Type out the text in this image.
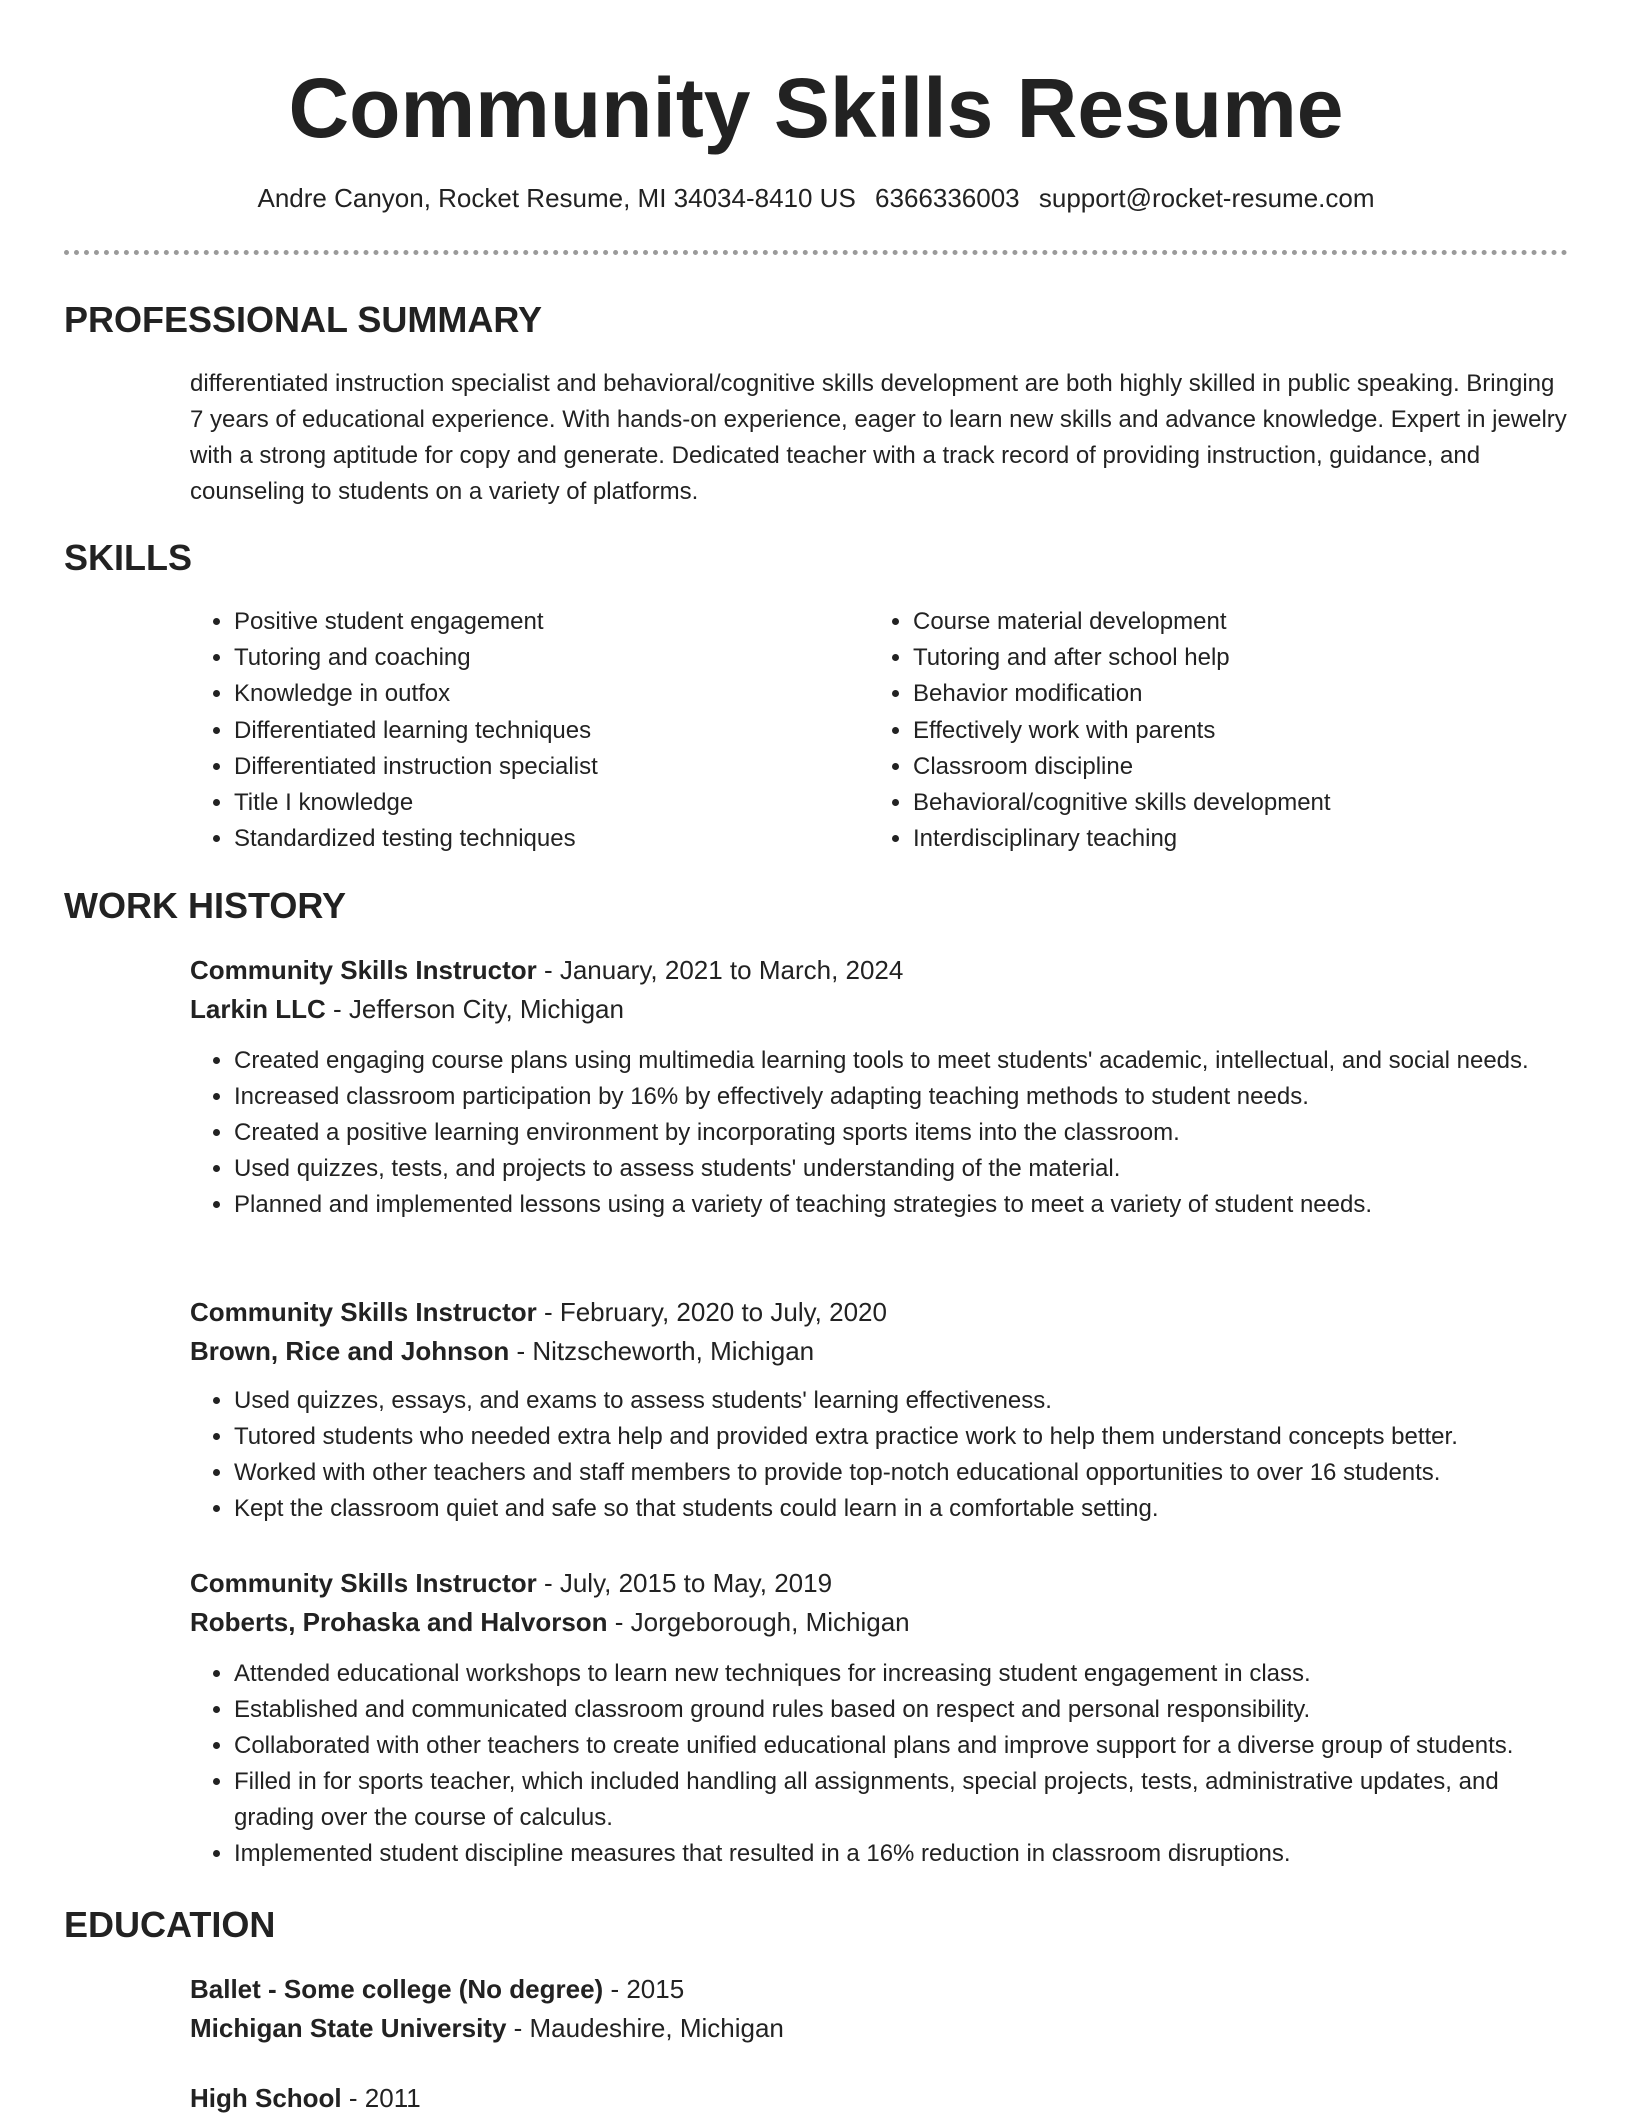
Community Skills Resume
Andre Canyon, Rocket Resume, MI 34034-8410 US 6366336003 support@rocket-resume.com
PROFESSIONAL SUMMARY
differentiated instruction specialist and behavioral/cognitive skills development are both highly skilled in public speaking. Bringing 7 years of educational experience. With hands-on experience, eager to learn new skills and advance knowledge. Expert in jewelry with a strong aptitude for copy and generate. Dedicated teacher with a track record of providing instruction, guidance, and counseling to students on a variety of platforms.
SKILLS
• Positive student engagement
• Tutoring and coaching
• Knowledge in outfox
• Differentiated learning techniques
• Differentiated instruction specialist
• Title I knowledge
• Standardized testing techniques
• Course material development
• Tutoring and after school help
• Behavior modification
• Effectively work with parents
• Classroom discipline
• Behavioral/cognitive skills development
• Interdisciplinary teaching
WORK HISTORY
Community Skills Instructor - January, 2021 to March, 2024
Larkin LLC - Jefferson City, Michigan
• Created engaging course plans using multimedia learning tools to meet students' academic, intellectual, and social needs.
• Increased classroom participation by 16% by effectively adapting teaching methods to student needs.
• Created a positive learning environment by incorporating sports items into the classroom.
• Used quizzes, tests, and projects to assess students' understanding of the material.
• Planned and implemented lessons using a variety of teaching strategies to meet a variety of student needs.
Community Skills Instructor - February, 2020 to July, 2020
Brown, Rice and Johnson - Nitzscheworth, Michigan
• Used quizzes, essays, and exams to assess students' learning effectiveness.
• Tutored students who needed extra help and provided extra practice work to help them understand concepts better.
• Worked with other teachers and staff members to provide top-notch educational opportunities to over 16 students.
• Kept the classroom quiet and safe so that students could learn in a comfortable setting.
Community Skills Instructor - July, 2015 to May, 2019
Roberts, Prohaska and Halvorson - Jorgeborough, Michigan
• Attended educational workshops to learn new techniques for increasing student engagement in class.
• Established and communicated classroom ground rules based on respect and personal responsibility.
• Collaborated with other teachers to create unified educational plans and improve support for a diverse group of students.
• Filled in for sports teacher, which included handling all assignments, special projects, tests, administrative updates, and grading over the course of calculus.
• Implemented student discipline measures that resulted in a 16% reduction in classroom disruptions.
EDUCATION
Ballet - Some college (No degree) - 2015
Michigan State University - Maudeshire, Michigan
High School - 2011
